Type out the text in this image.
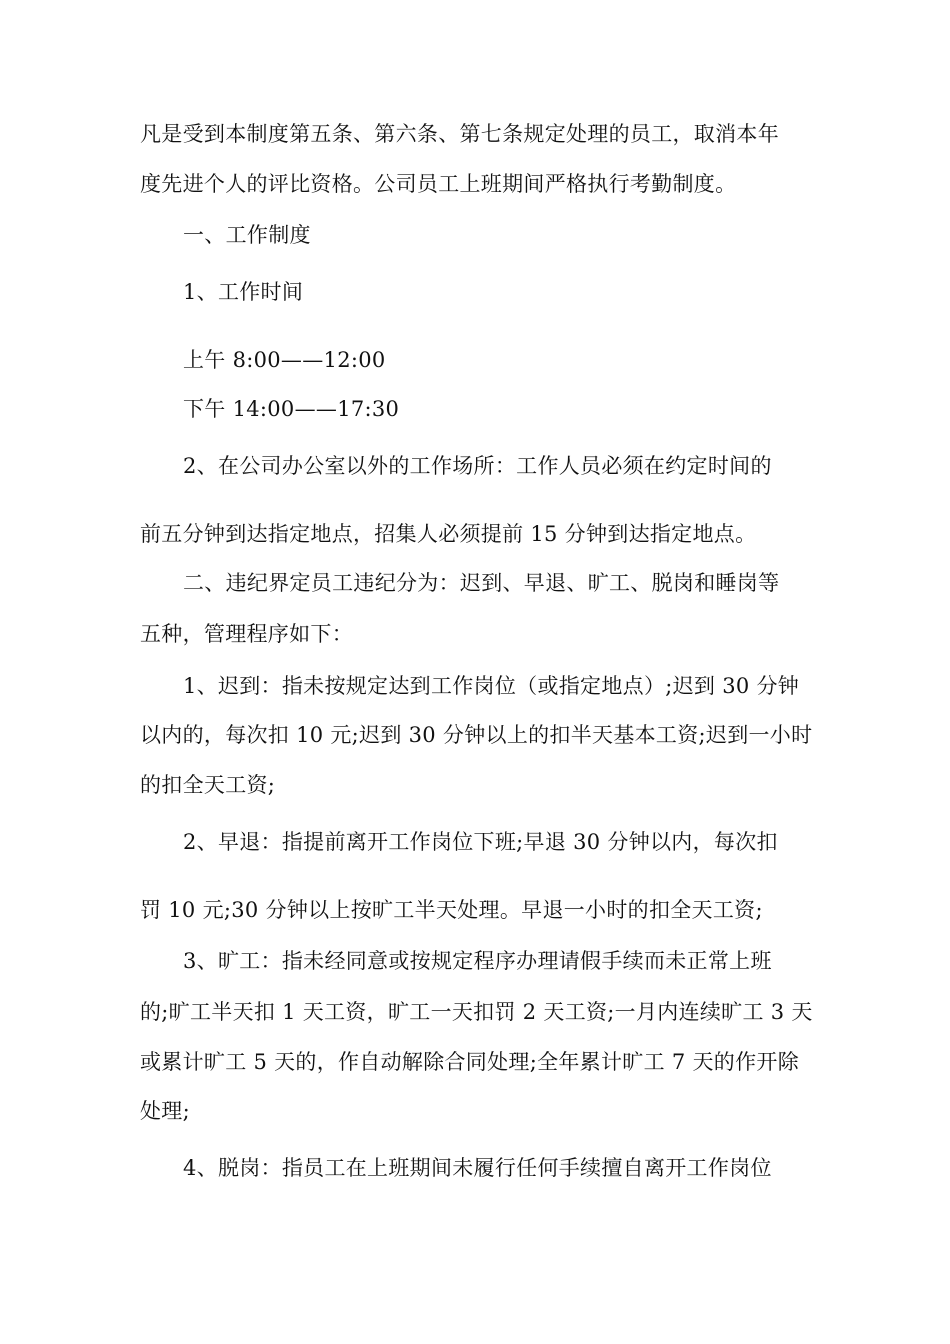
凡是受到本制度第五条、第六条、第七条规定处理的员工，取消本年
度先进个人的评比资格。公司员工上班期间严格执行考勤制度。
一、工作制度
1、工作时间
上午 8:00——12:00
下午 14:00——17:30
2、在公司办公室以外的工作场所：工作人员必须在约定时间的
前五分钟到达指定地点，招集人必须提前 15 分钟到达指定地点。
二、违纪界定员工违纪分为：迟到、早退、旷工、脱岗和睡岗等
五种，管理程序如下：
1、迟到：指未按规定达到工作岗位（或指定地点）;迟到 30 分钟
以内的，每次扣 10 元;迟到 30 分钟以上的扣半天基本工资;迟到一小时
的扣全天工资;
2、早退：指提前离开工作岗位下班;早退 30 分钟以内，每次扣
罚 10 元;30 分钟以上按旷工半天处理。早退一小时的扣全天工资;
3、旷工：指未经同意或按规定程序办理请假手续而未正常上班
的;旷工半天扣 1 天工资，旷工一天扣罚 2 天工资;一月内连续旷工 3 天
或累计旷工 5 天的，作自动解除合同处理;全年累计旷工 7 天的作开除
处理;
4、脱岗：指员工在上班期间未履行任何手续擅自离开工作岗位
